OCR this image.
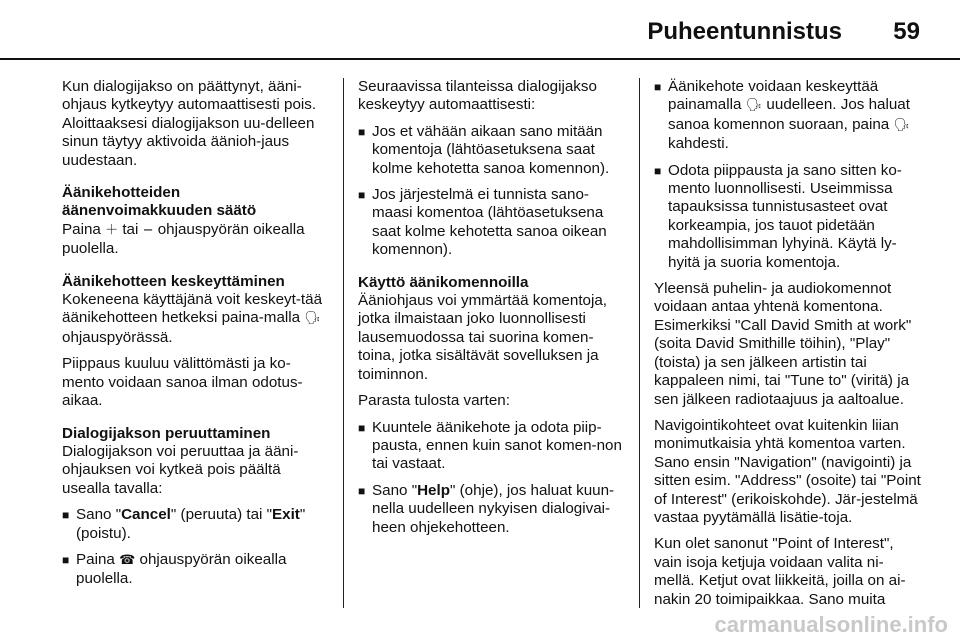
Puheentunnistus 59

Kun dialogijakso on päättynyt, ääni-ohjaus kytkeytyy automaattisesti pois. Aloittaaksesi dialogijakson uu-delleen sinun täytyy aktivoida äänioh-jaus uudestaan.

Äänikehotteiden äänenvoimakkuuden säätö

Paina ＋ tai − ohjauspyörän oikealla puolella.

Äänikehotteen keskeyttäminen

Kokeneena käyttäjänä voit keskeyt-tää äänikehotteen hetkeksi paina-malla 🗣 ohjauspyörässä.

Piippaus kuuluu välittömästi ja ko-mento voidaan sanoa ilman odotus-aikaa.

Dialogijakson peruuttaminen

Dialogijakson voi peruuttaa ja ääni-ohjauksen voi kytkeä pois päältä usealla tavalla:

■ Sano "Cancel" (peruuta) tai "Exit" (poistu).
■ Paina ☎ ohjauspyörän oikealla puolella.

Seuraavissa tilanteissa dialogijakso keskeytyy automaattisesti:

■ Jos et vähään aikaan sano mitään komentoja (lähtöasetuksena saat kolme kehotetta sanoa komennon).
■ Jos järjestelmä ei tunnista sano-maasi komentoa (lähtöasetuksena saat kolme kehotetta sanoa oikean komennon).
Käyttö äänikomennoilla

Ääniohjaus voi ymmärtää komentoja, jotka ilmaistaan joko luonnollisesti lausemuodossa tai suorina komen-toina, jotka sisältävät sovelluksen ja toiminnon.

Parasta tulosta varten:

■ Kuuntele äänikehote ja odota piip-pausta, ennen kuin sanot komen-non tai vastaat.
■ Sano "Help" (ohje), jos haluat kuun-nella uudelleen nykyisen dialogivai-heen ohjekehotteen.
■ Äänikehote voidaan keskeyttää painamalla 🗣 uudelleen. Jos haluat sanoa komennon suoraan, paina 🗣 kahdesti.
■ Odota piippausta ja sano sitten ko-mento luonnollisesti. Useimmissa tapauksissa tunnistusasteet ovat korkeampia, jos tauot pidetään mahdollisimman lyhyinä. Käytä ly-hyitä ja suoria komentoja.

Yleensä puhelin- ja audiokomennot voidaan antaa yhtenä komentona. Esimerkiksi "Call David Smith at work" (soita David Smithille töihin), "Play" (toista) ja sen jälkeen artistin tai kappaleen nimi, tai "Tune to" (viritä) ja sen jälkeen radiotaajuus ja aaltoalue.

Navigointikohteet ovat kuitenkin liian monimutkaisia yhtä komentoa varten. Sano ensin "Navigation" (navigointi) ja sitten esim. "Address" (osoite) tai "Point of Interest" (erikoiskohde). Jär-jestelmä vastaa pyytämällä lisätie-toja.

Kun olet sanonut "Point of Interest", vain isoja ketjuja voidaan valita ni-mellä. Ketjut ovat liikkeitä, joilla on ai-nakin 20 toimipaikkaa. Sano muita

carmanualsonline.info
